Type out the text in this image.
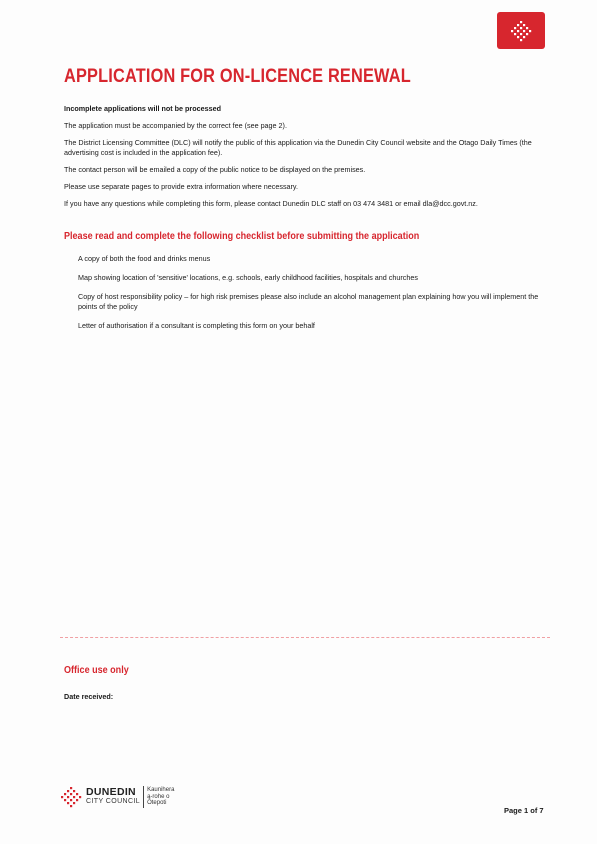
APPLICATION FOR ON-LICENCE RENEWAL

Incomplete applications will not be processed

The application must be accompanied by the correct fee (see page 2).

The District Licensing Committee (DLC) will notify the public of this application via the Dunedin City Council website and the Otago Daily Times (the advertising cost is included in the application fee).

The contact person will be emailed a copy of the public notice to be displayed on the premises.

Please use separate pages to provide extra information where necessary.

If you have any questions while completing this form, please contact Dunedin DLC staff on 03 474 3481 or email dla@dcc.govt.nz.

Please read and complete the following checklist before submitting the application
A copy of both the food and drinks menus
Map showing location of 'sensitive' locations, e.g. schools, early childhood facilities, hospitals and churches
Copy of host responsibility policy – for high risk premises please also include an alcohol management plan explaining how you will implement the points of the policy
Letter of authorisation if a consultant is completing this form on your behalf
Office use only
Date received:
DUNEDIN
CITY COUNCIL
Kaunihera
a-rohe o
Ōtepoti
Page 1 of 7
